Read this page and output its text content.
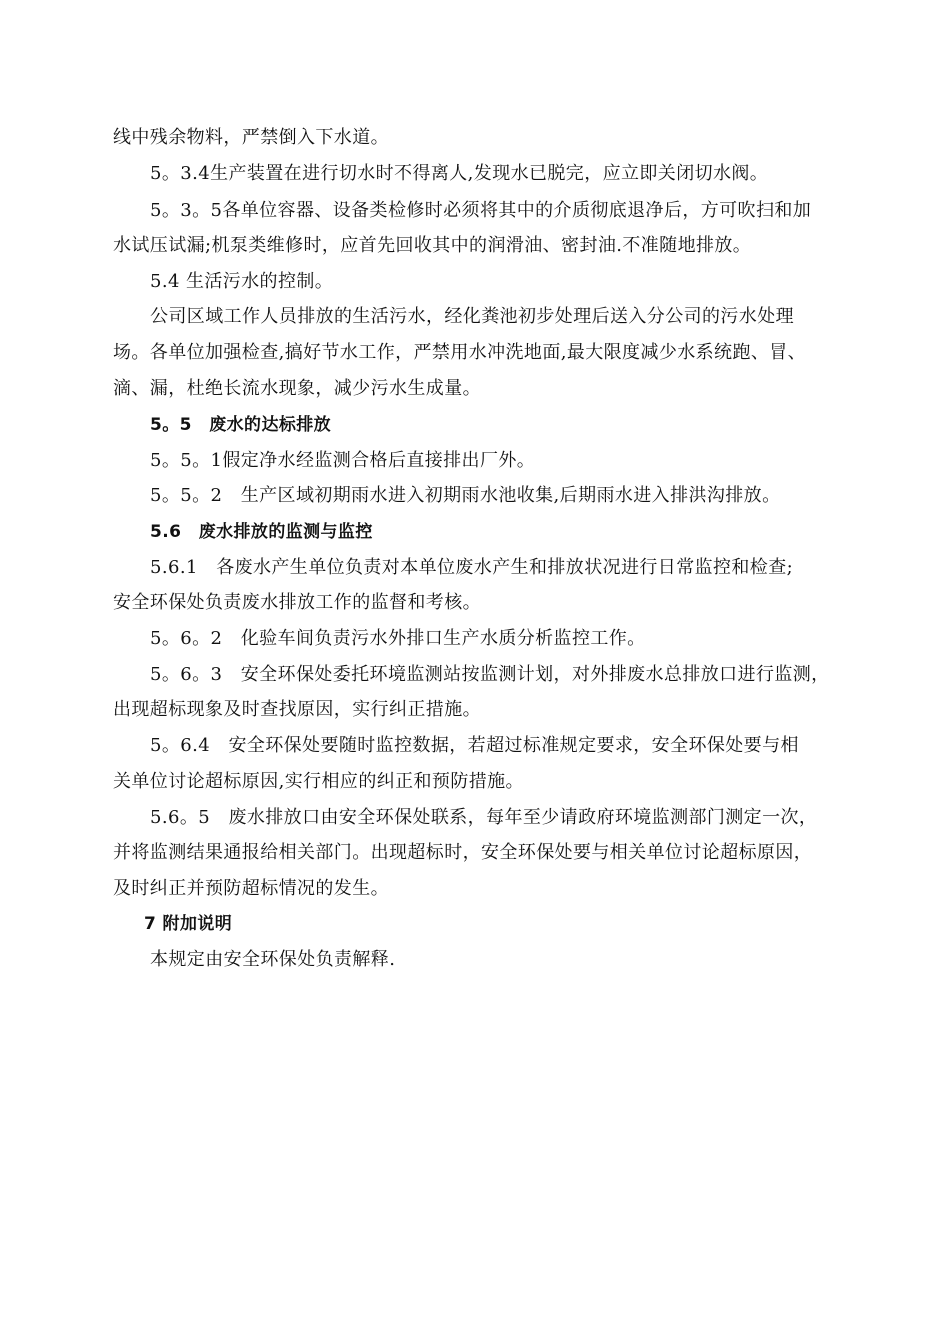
线中残余物料，严禁倒入下水道。
5。3.4生产装置在进行切水时不得离人,发现水已脱完，应立即关闭切水阀。
5。3。5各单位容器、设备类检修时必须将其中的介质彻底退净后，方可吹扫和加
水试压试漏;机泵类维修时，应首先回收其中的润滑油、密封油.不准随地排放。
5.4 生活污水的控制。
公司区域工作人员排放的生活污水，经化粪池初步处理后送入分公司的污水处理
场。各单位加强检查,搞好节水工作，严禁用水冲洗地面,最大限度减少水系统跑、冒、
滴、漏，杜绝长流水现象，减少污水生成量。
5。5　废水的达标排放
5。5。1假定净水经监测合格后直接排出厂外。
5。5。2　生产区域初期雨水进入初期雨水池收集,后期雨水进入排洪沟排放。
5.6　废水排放的监测与监控
5.6.1　各废水产生单位负责对本单位废水产生和排放状况进行日常监控和检查;
安全环保处负责废水排放工作的监督和考核。
5。6。2　化验车间负责污水外排口生产水质分析监控工作。
5。6。3　安全环保处委托环境监测站按监测计划，对外排废水总排放口进行监测，
出现超标现象及时查找原因，实行纠正措施。
5。6.4　安全环保处要随时监控数据，若超过标准规定要求，安全环保处要与相
关单位讨论超标原因,实行相应的纠正和预防措施。
5.6。5　废水排放口由安全环保处联系，每年至少请政府环境监测部门测定一次，
并将监测结果通报给相关部门。出现超标时，安全环保处要与相关单位讨论超标原因，
及时纠正并预防超标情况的发生。
7 附加说明
本规定由安全环保处负责解释.
